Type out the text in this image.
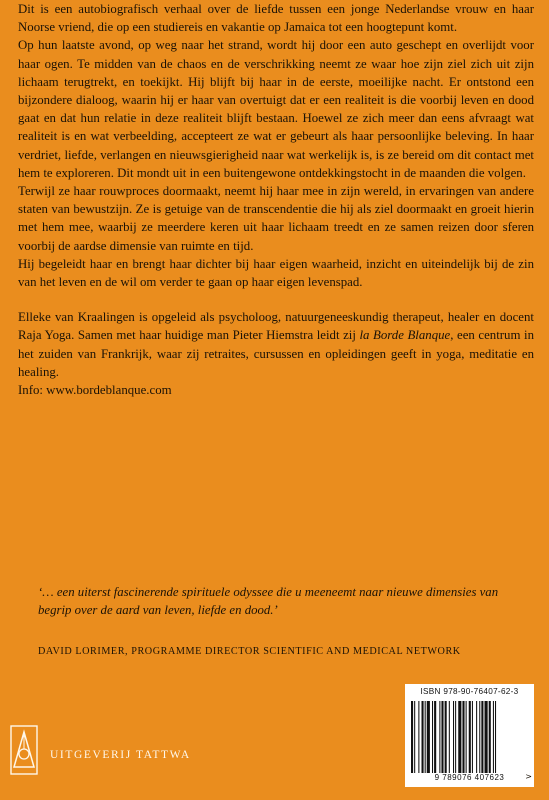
Dit is een autobiografisch verhaal over de liefde tussen een jonge Nederlandse vrouw en haar Noorse vriend, die op een studiereis en vakantie op Jamaica tot een hoogtepunt komt.

Op hun laatste avond, op weg naar het strand, wordt hij door een auto geschept en overlijdt voor haar ogen. Te midden van de chaos en de verschrikking neemt ze waar hoe zijn ziel zich uit zijn lichaam terugtrekt, en toekijkt. Hij blijft bij haar in de eerste, moeilijke nacht. Er ontstond een bijzondere dialoog, waarin hij er haar van overtuigt dat er een realiteit is die voorbij leven en dood gaat en dat hun relatie in deze realiteit blijft bestaan. Hoewel ze zich meer dan eens afvraagt wat realiteit is en wat verbeelding, accepteert ze wat er gebeurt als haar persoonlijke beleving. In haar verdriet, liefde, verlangen en nieuwsgierigheid naar wat werkelijk is, is ze bereid om dit contact met hem te exploreren. Dit mondt uit in een buitengewone ontdekkingstocht in de maanden die volgen.

Terwijl ze haar rouwproces doormaakt, neemt hij haar mee in zijn wereld, in ervaringen van andere staten van bewustzijn. Ze is getuige van de transcendentie die hij als ziel doormaakt en groeit hierin met hem mee, waarbij ze meerdere keren uit haar lichaam treedt en ze samen reizen door sferen voorbij de aardse dimensie van ruimte en tijd.

Hij begeleidt haar en brengt haar dichter bij haar eigen waarheid, inzicht en uiteindelijk bij de zin van het leven en de wil om verder te gaan op haar eigen levenspad.

Elleke van Kraalingen is opgeleid als psycholoog, natuurgeneeskundig therapeut, healer en docent Raja Yoga. Samen met haar huidige man Pieter Hiemstra leidt zij la Borde Blanque, een centrum in het zuiden van Frankrijk, waar zij retraites, cursussen en opleidingen geeft in yoga, meditatie en healing.

Info: www.bordeblanque.com

‘… een uiterst fascinerende spirituele odyssee die u meeneemt naar nieuwe dimensies van begrip over de aard van leven, liefde en dood.’
DAVID LORIMER, PROGRAMME DIRECTOR SCIENTIFIC AND MEDICAL NETWORK
UITGEVERIJ TATTWA
ISBN 978-90-76407-62-3
9 789076 407623	>
